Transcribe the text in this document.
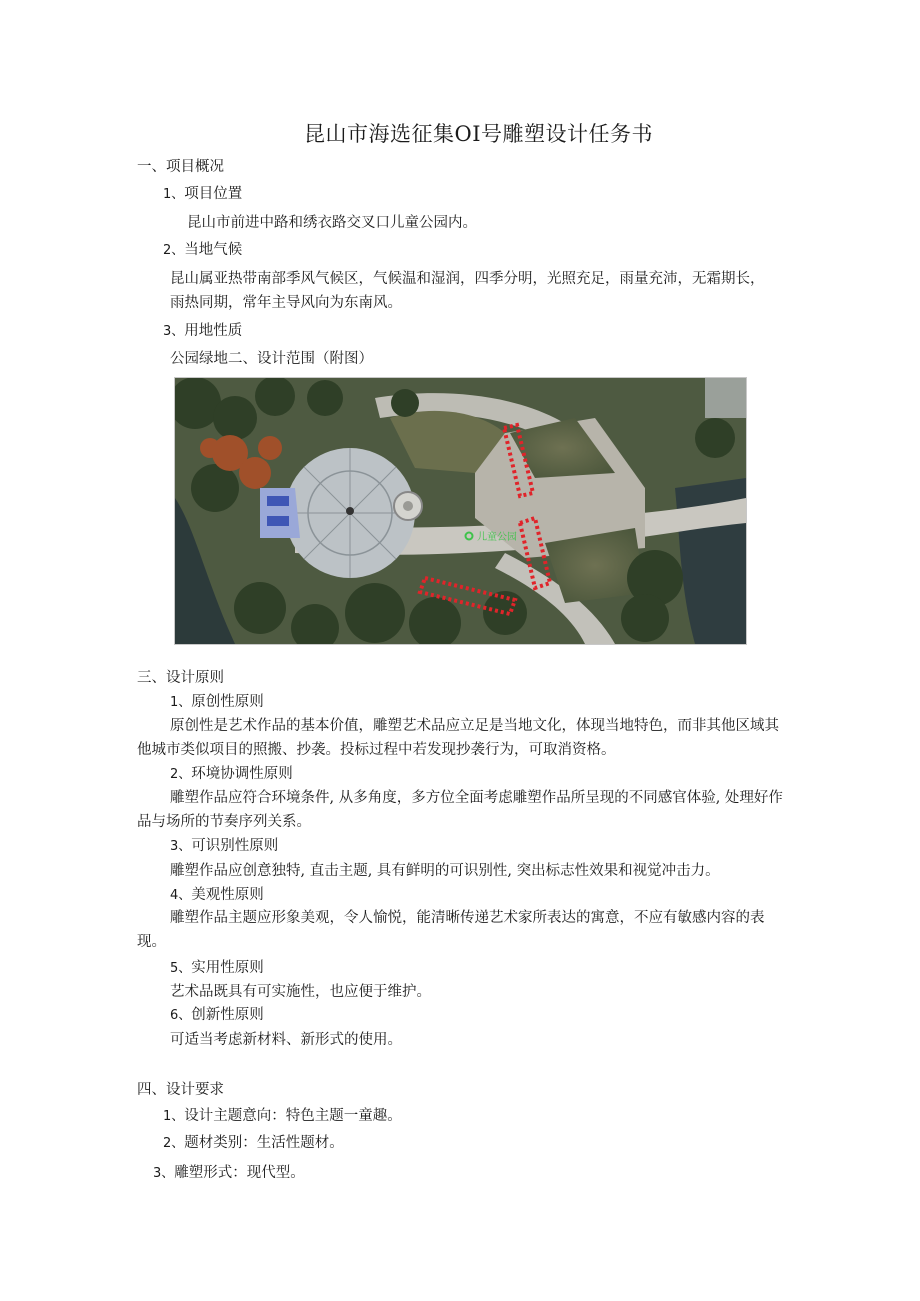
昆山市海选征集OI号雕塑设计任务书
一、项目概况
1、项目位置
昆山市前进中路和绣衣路交叉口儿童公园内。
2、当地气候
昆山属亚热带南部季风气候区，气候温和湿润，四季分明，光照充足，雨量充沛，无霜期长，
雨热同期，常年主导风向为东南风。
3、用地性质
公园绿地二、设计范围（附图）
儿童公园
三、设计原则
1、原创性原则
原创性是艺术作品的基本价值，雕塑艺术品应立足是当地文化，体现当地特色，而非其他区域其他城市类似项目的照搬、抄袭。投标过程中若发现抄袭行为，可取消资格。
2、环境协调性原则
雕塑作品应符合环境条件, 从多角度，多方位全面考虑雕塑作品所呈现的不同感官体验, 处理好作品与场所的节奏序列关系。
3、可识别性原则
雕塑作品应创意独特, 直击主题, 具有鲜明的可识别性, 突出标志性效果和视觉冲击力。
4、美观性原则
雕塑作品主题应形象美观，令人愉悦，能清晰传递艺术家所表达的寓意，不应有敏感内容的表现。
5、实用性原则
艺术品既具有可实施性，也应便于维护。
6、创新性原则
可适当考虑新材料、新形式的使用。
四、设计要求
1、设计主题意向：特色主题一童趣。
2、题材类别：生活性题材。
3、雕塑形式：现代型。
